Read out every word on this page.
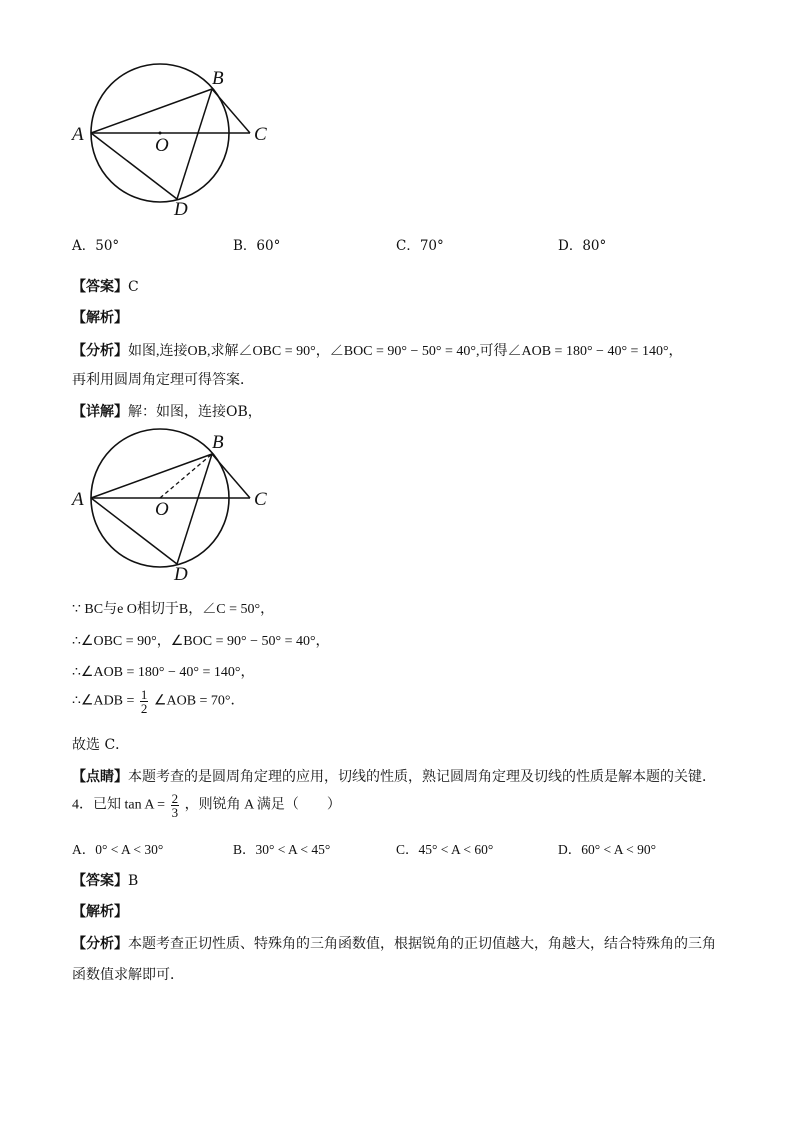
B
A	C
O
D
A．50°	B．60°	C．70°	D．80°
【答案】C
【解析】
【分析】如图,连接OB,求解∠OBC = 90°，∠BOC = 90° − 50° = 40°,可得∠AOB = 180° − 40° = 140°，
再利用圆周角定理可得答案．
【详解】解：如图，连接OB，
B
A	C
O
D
∵ BC与e O相切于B，∠C = 50°，
∴∠OBC = 90°，∠BOC = 90° − 50° = 40°，
∴∠AOB = 180° − 40° = 140°，
∴∠ADB = $\frac{1}{2}$ ∠AOB = 70°．
故选 C．
【点睛】本题考查的是圆周角定理的应用，切线的性质，熟记圆周角定理及切线的性质是解本题的关键．
4．已知 $\tan A = \frac{2}{3}$ ，则锐角 A 满足（　　）
A．0° < A < 30°	B．30° < A < 45°	C．45° < A < 60°	D．60° < A < 90°
【答案】B
【解析】
【分析】本题考查正切性质、特殊角的三角函数值，根据锐角的正切值越大，角越大，结合特殊角的三角
函数值求解即可．
